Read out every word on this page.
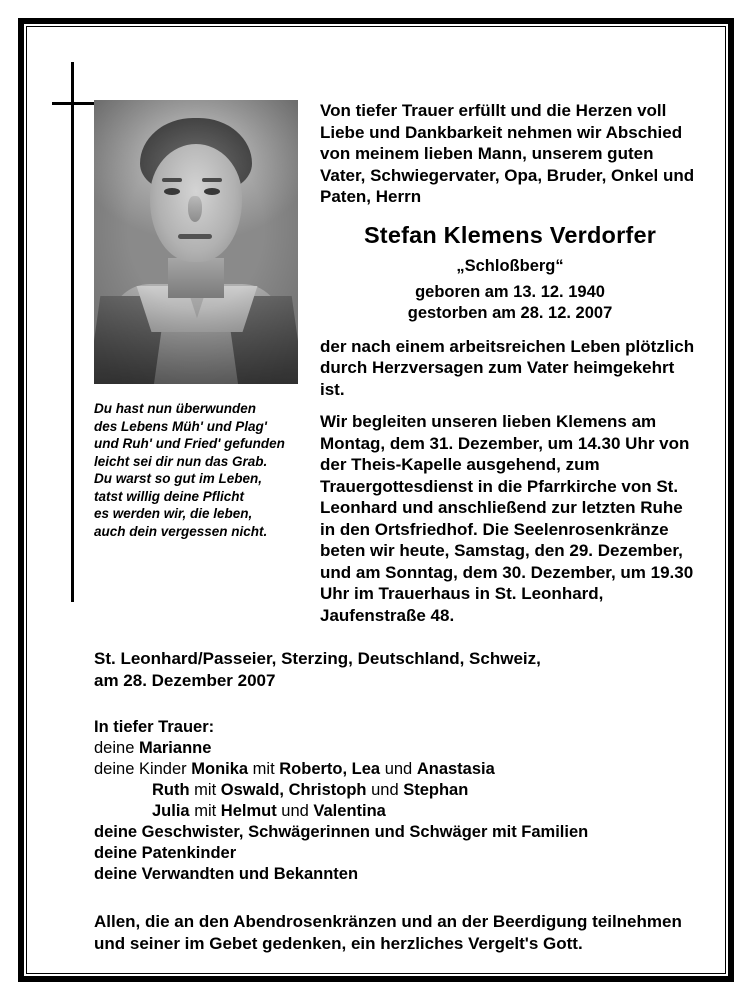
Du hast nun überwunden
des Lebens Müh' und Plag'
und Ruh' und Fried' gefunden
leicht sei dir nun das Grab.
Du warst so gut im Leben,
tatst willig deine Pflicht
es werden wir, die leben,
auch dein vergessen nicht.
Von tiefer Trauer erfüllt und die Herzen voll Liebe und Dankbarkeit nehmen wir Abschied von meinem lieben Mann, unserem guten Vater, Schwiegervater, Opa, Bruder, Onkel und Paten, Herrn
Stefan Klemens Verdorfer
„Schloßberg“
geboren am 13. 12. 1940
gestorben am 28. 12. 2007
der nach einem arbeitsreichen Leben plötzlich durch Herzversagen zum Vater heimgekehrt ist.
Wir begleiten unseren lieben Klemens am Montag, dem 31. Dezember, um 14.30 Uhr von der Theis-Kapelle ausgehend, zum Trauergottesdienst in die Pfarrkirche von St. Leonhard und anschließend zur letzten Ruhe in den Ortsfriedhof. Die Seelenrosenkränze beten wir heute, Samstag, den 29. Dezember, und am Sonntag, dem 30. Dezember, um 19.30 Uhr im Trauerhaus in St. Leonhard, Jaufenstraße 48.
St. Leonhard/Passeier, Sterzing, Deutschland, Schweiz,
am 28. Dezember 2007
In tiefer Trauer:
deine Marianne
deine Kinder Monika mit Roberto, Lea und Anastasia
Ruth mit Oswald, Christoph und Stephan
Julia mit Helmut und Valentina
deine Geschwister, Schwägerinnen und Schwäger mit Familien
deine Patenkinder
deine Verwandten und Bekannten
Allen, die an den Abendrosenkränzen und an der Beerdigung teilnehmen und seiner im Gebet gedenken, ein herzliches Vergelt's Gott.
